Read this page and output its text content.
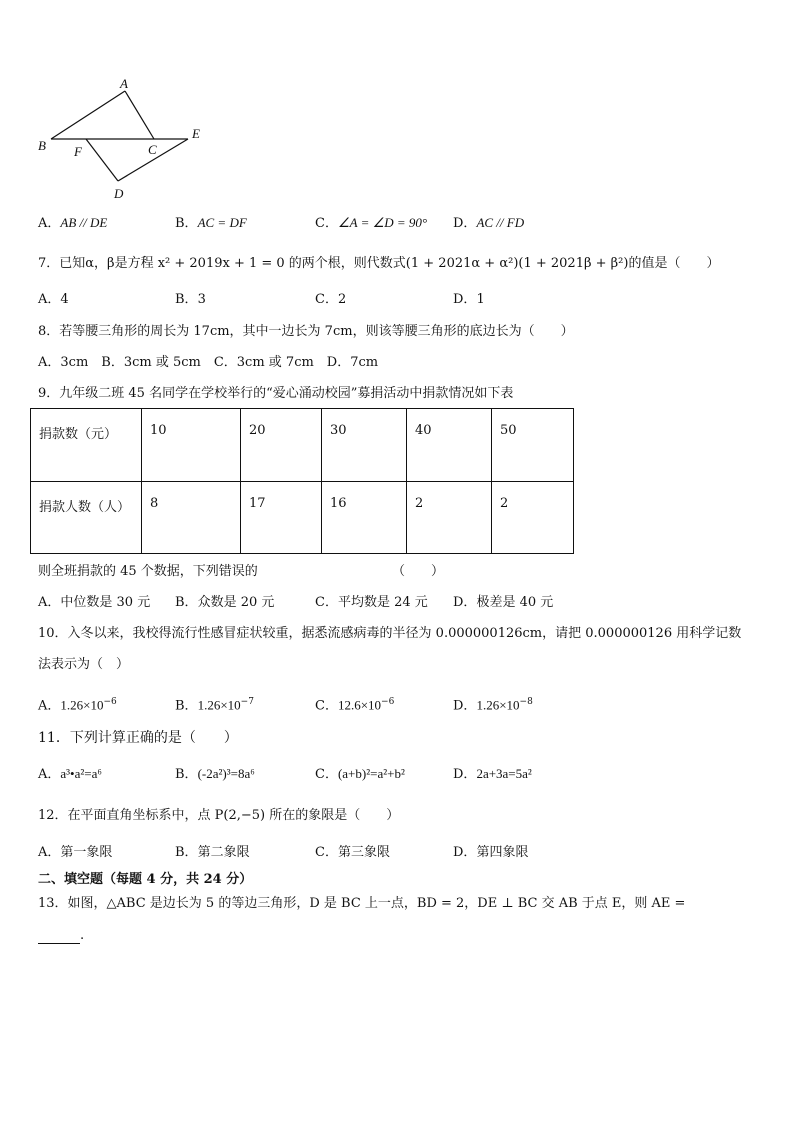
A
B F	C
E
D
A．AB // DE	B．AC = DF	C．∠A = ∠D = 90° D．AC // FD
7．已知α，β是方程 x² + 2019x + 1 = 0 的两个根，则代数式(1 + 2021α + α²)(1 + 2021β + β²)的值是（　　）
A．4	B．3	C．2	D．1
8．若等腰三角形的周长为 17cm，其中一边长为 7cm，则该等腰三角形的底边长为（　　）
A．3cm　B．3cm 或 5cm　C．3cm 或 7cm　D．7cm
9．九年级二班 45 名同学在学校举行的“爱心涌动校园”募捐活动中捐款情况如下表
捐款数（元）	10	20	30	40	50
捐款人数（人）	8	17	16	2	2
则全班捐款的 45 个数据，下列错误的	（　　）
A．中位数是 30 元 B．众数是 20 元	C．平均数是 24 元 D．极差是 40 元
10．入冬以来，我校得流行性感冒症状较重，据悉流感病毒的半径为 0.000000126cm，请把 0.000000126 用科学记数
法表示为（　）
A．$1.26\times 10^{-6}$	B．$1.26\times 10^{-7}$	C．$12.6\times 10^{-6}$	D．$1.26\times 10^{-8}$
11．下列计算正确的是（　　）
A．a³•a²=a⁶	B．(-2a²)³=8a⁶	C．(a+b)²=a²+b²	D．2a+3a=5a²
12．在平面直角坐标系中，点 P(2,−5) 所在的象限是（　　）
A．第一象限	B．第二象限	C．第三象限	D．第四象限
二、填空题（每题 4 分，共 24 分）
13．如图，△ABC 是边长为 5 的等边三角形，D 是 BC 上一点，BD = 2，DE ⊥ BC 交 AB 于点 E，则 AE =
.
